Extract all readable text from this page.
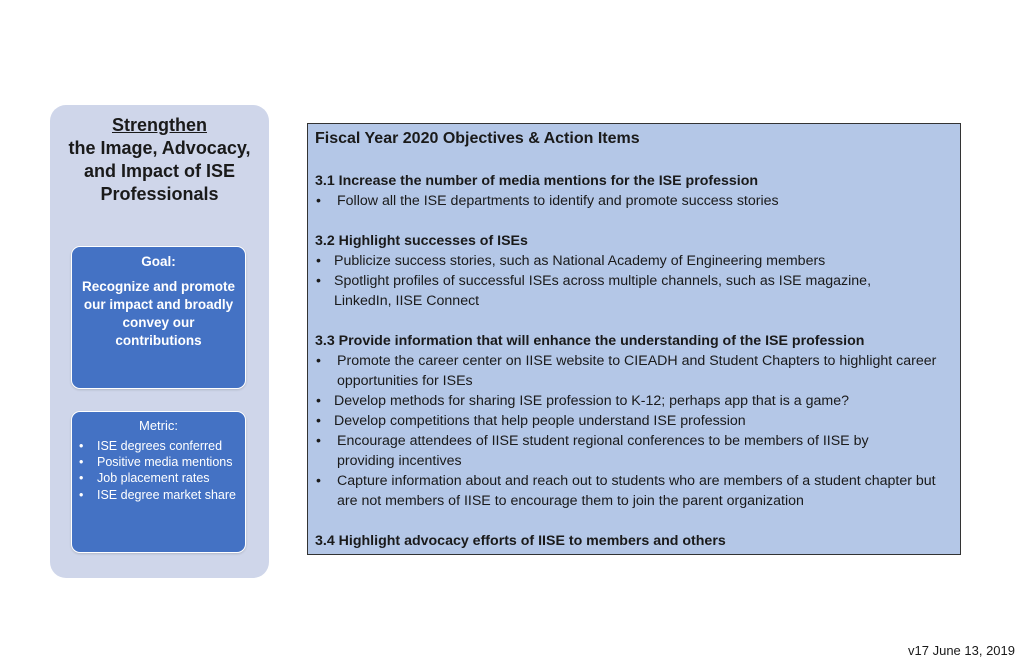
Strengthen
the Image, Advocacy,
and Impact of ISE
Professionals
Goal:
Recognize and promote our impact and broadly convey our contributions
Metric:
•	ISE degrees conferred
•	Positive media mentions
•	Job placement rates
•	ISE degree market share
Fiscal Year 2020 Objectives & Action Items
3.1 Increase the number of media mentions for the ISE profession
•	Follow all the ISE departments to identify and promote success stories
3.2 Highlight successes of ISEs
• Publicize success stories, such as National Academy of Engineering members
• Spotlight profiles of successful ISEs across multiple channels, such as ISE magazine, LinkedIn, IISE Connect
3.3 Provide information that will enhance the understanding of the ISE profession
•	Promote the career center on IISE website to CIEADH and Student Chapters to highlight career opportunities for ISEs
• Develop methods for sharing ISE profession to K-12; perhaps app that is a game?
• Develop competitions that help people understand ISE profession
•	Encourage attendees of IISE student regional conferences to be members of IISE by providing incentives
•	Capture information about and reach out to students who are members of a student chapter but are not members of IISE to encourage them to join the parent organization
3.4 Highlight advocacy efforts of IISE to members and others
v17 June 13, 2019
